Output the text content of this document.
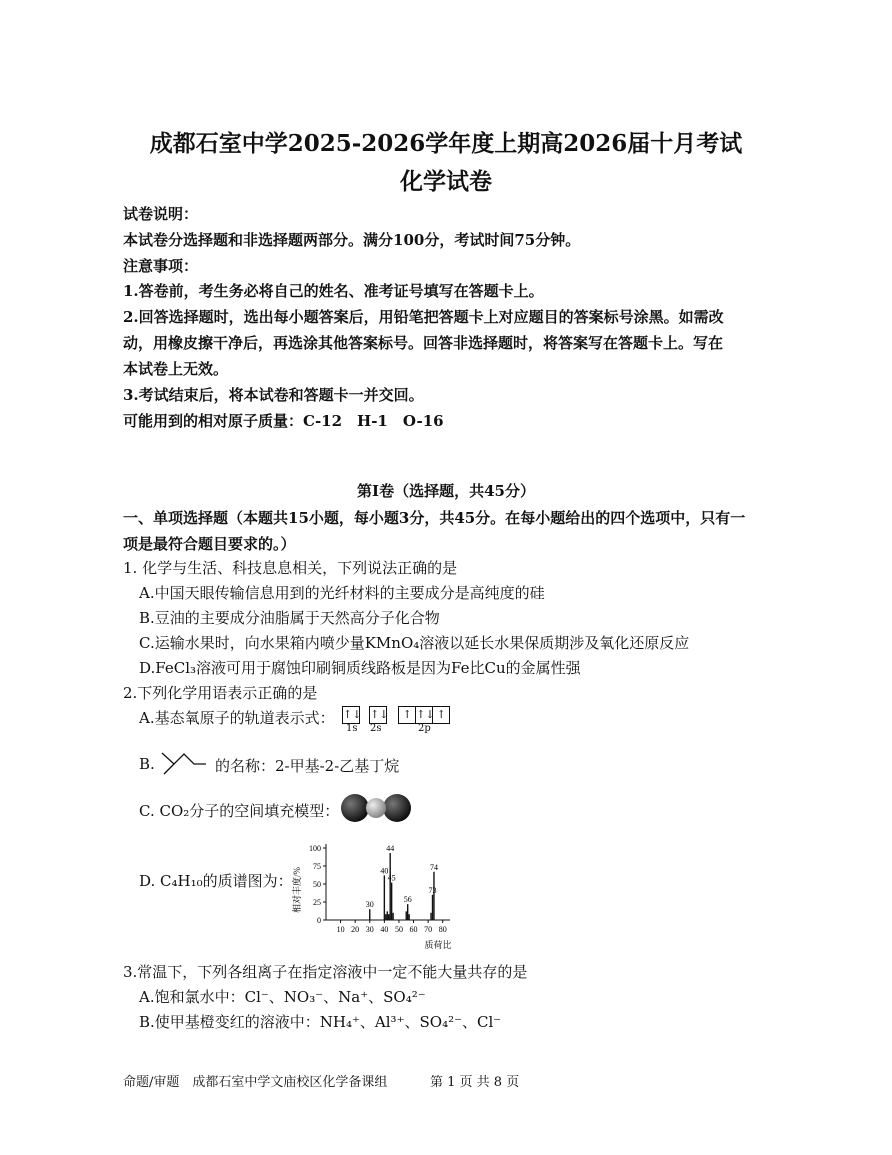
成都石室中学2025-2026学年度上期高2026届十月考试
化学试卷
试卷说明：
本试卷分选择题和非选择题两部分。满分100分，考试时间75分钟。
注意事项：
1.答卷前，考生务必将自己的姓名、准考证号填写在答题卡上。
2.回答选择题时，选出每小题答案后，用铅笔把答题卡上对应题目的答案标号涂黑。如需改
动，用橡皮擦干净后，再选涂其他答案标号。回答非选择题时，将答案写在答题卡上。写在
本试卷上无效。
3.考试结束后，将本试卷和答题卡一并交回。
可能用到的相对原子质量：C-12　H-1　O-16
第Ⅰ卷（选择题，共45分）
一、单项选择题（本题共15小题，每小题3分，共45分。在每小题给出的四个选项中，只有一
项是最符合题目要求的。）
1. 化学与生活、科技息息相关，下列说法正确的是
A.中国天眼传输信息用到的光纤材料的主要成分是高纯度的硅
B.豆油的主要成分油脂属于天然高分子化合物
C.运输水果时，向水果箱内喷少量KMnO₄溶液以延长水果保质期涉及氧化还原反应
D.FeCl₃溶液可用于腐蚀印刷铜质线路板是因为Fe比Cu的金属性强
2.下列化学用语表示正确的是
A.基态氧原子的轨道表示式： ↑↓ ↑↓ ↑ ↑↓ ↑
1s 2s	2p
B.	的名称：2-甲基-2-乙基丁烷
C. CO₂分子的空间填充模型：
D. C₄H₁₀的质谱图为： 相对丰度/%
质荷比
10 20 30 40 50 60 70 80
0
25
50
75
100
30
40
44
45
56
73
74
3.常温下，下列各组离子在指定溶液中一定不能大量共存的是
A.饱和氯水中：Cl⁻、NO₃⁻、Na⁺、SO₄²⁻
B.使甲基橙变红的溶液中：NH₄⁺、Al³⁺、SO₄²⁻、Cl⁻
命题/审题　成都石室中学文庙校区化学备课组	第 1 页 共 8 页
